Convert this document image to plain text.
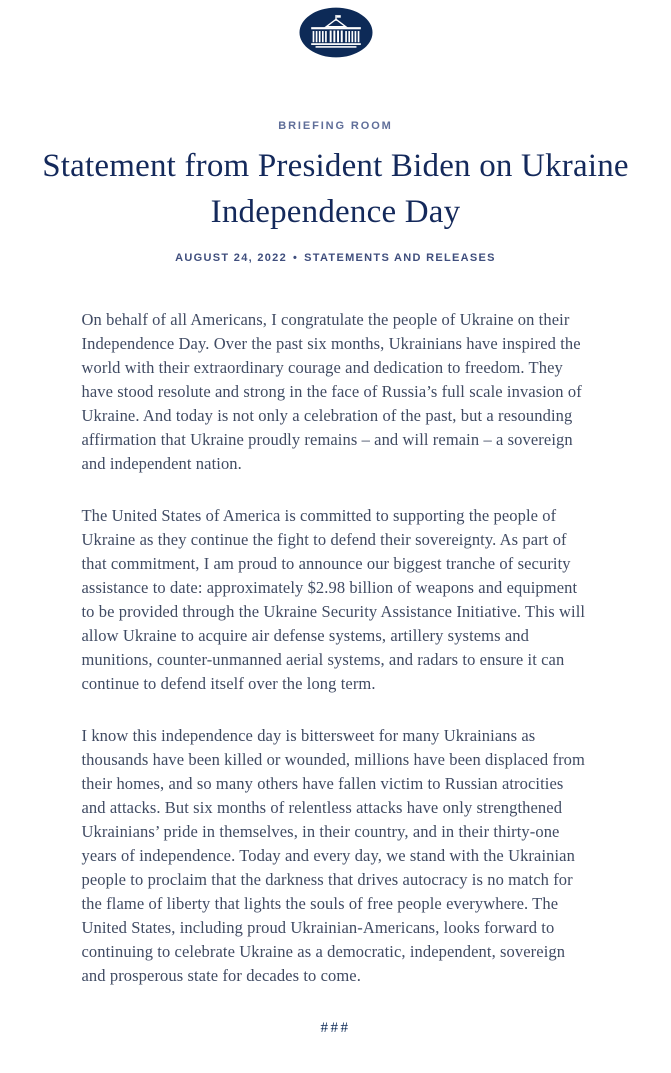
BRIEFING ROOM
Statement from President Biden on Ukraine Independence Day
AUGUST 24, 2022 • STATEMENTS AND RELEASES

On behalf of all Americans, I congratulate the people of Ukraine on their Independence Day. Over the past six months, Ukrainians have inspired the world with their extraordinary courage and dedication to freedom. They have stood resolute and strong in the face of Russia’s full scale invasion of Ukraine. And today is not only a celebration of the past, but a resounding affirmation that Ukraine proudly remains – and will remain – a sovereign and independent nation.

The United States of America is committed to supporting the people of Ukraine as they continue the fight to defend their sovereignty. As part of that commitment, I am proud to announce our biggest tranche of security assistance to date: approximately $2.98 billion of weapons and equipment to be provided through the Ukraine Security Assistance Initiative. This will allow Ukraine to acquire air defense systems, artillery systems and munitions, counter-unmanned aerial systems, and radars to ensure it can continue to defend itself over the long term.

I know this independence day is bittersweet for many Ukrainians as thousands have been killed or wounded, millions have been displaced from their homes, and so many others have fallen victim to Russian atrocities and attacks. But six months of relentless attacks have only strengthened Ukrainians’ pride in themselves, in their country, and in their thirty-one years of independence. Today and every day, we stand with the Ukrainian people to proclaim that the darkness that drives autocracy is no match for the flame of liberty that lights the souls of free people everywhere. The United States, including proud Ukrainian-Americans, looks forward to continuing to celebrate Ukraine as a democratic, independent, sovereign and prosperous state for decades to come.

###
